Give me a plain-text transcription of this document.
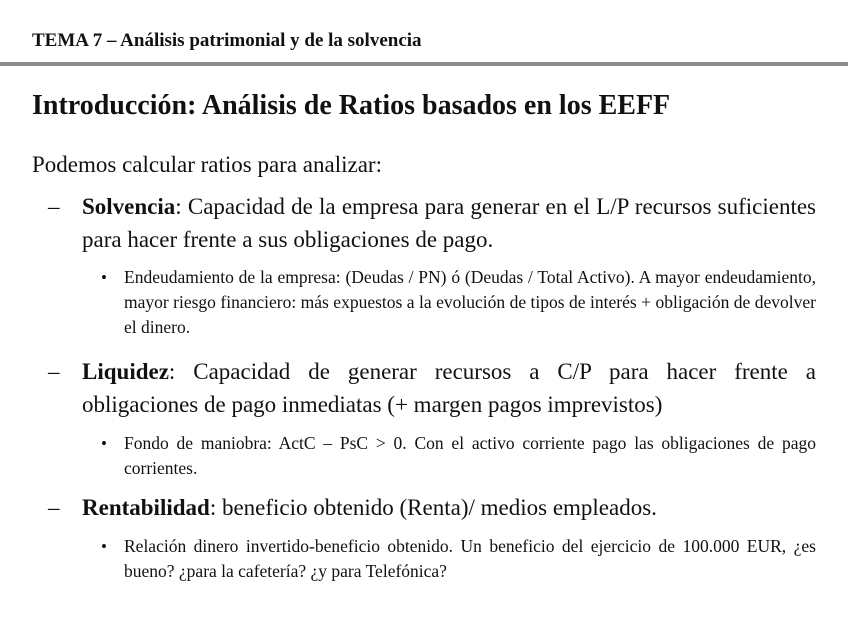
TEMA 7 – Análisis patrimonial y de la solvencia
Introducción: Análisis de Ratios basados en los EEFF
Podemos calcular ratios para analizar:
– Solvencia: Capacidad de la empresa para generar en el L/P recursos suficientes para hacer frente a sus obligaciones de pago.
• Endeudamiento de la empresa: (Deudas / PN) ó (Deudas / Total Activo). A mayor endeudamiento, mayor riesgo financiero: más expuestos a la evolución de tipos de interés + obligación de devolver el dinero.
– Liquidez: Capacidad de generar recursos a C/P para hacer frente a obligaciones de pago inmediatas (+ margen pagos imprevistos)
• Fondo de maniobra: ActC – PsC > 0. Con el activo corriente pago las obligaciones de pago corrientes.
– Rentabilidad: beneficio obtenido (Renta)/ medios empleados.
• Relación dinero invertido-beneficio obtenido. Un beneficio del ejercicio de 100.000 EUR, ¿es bueno? ¿para la cafetería? ¿y para Telefónica?
